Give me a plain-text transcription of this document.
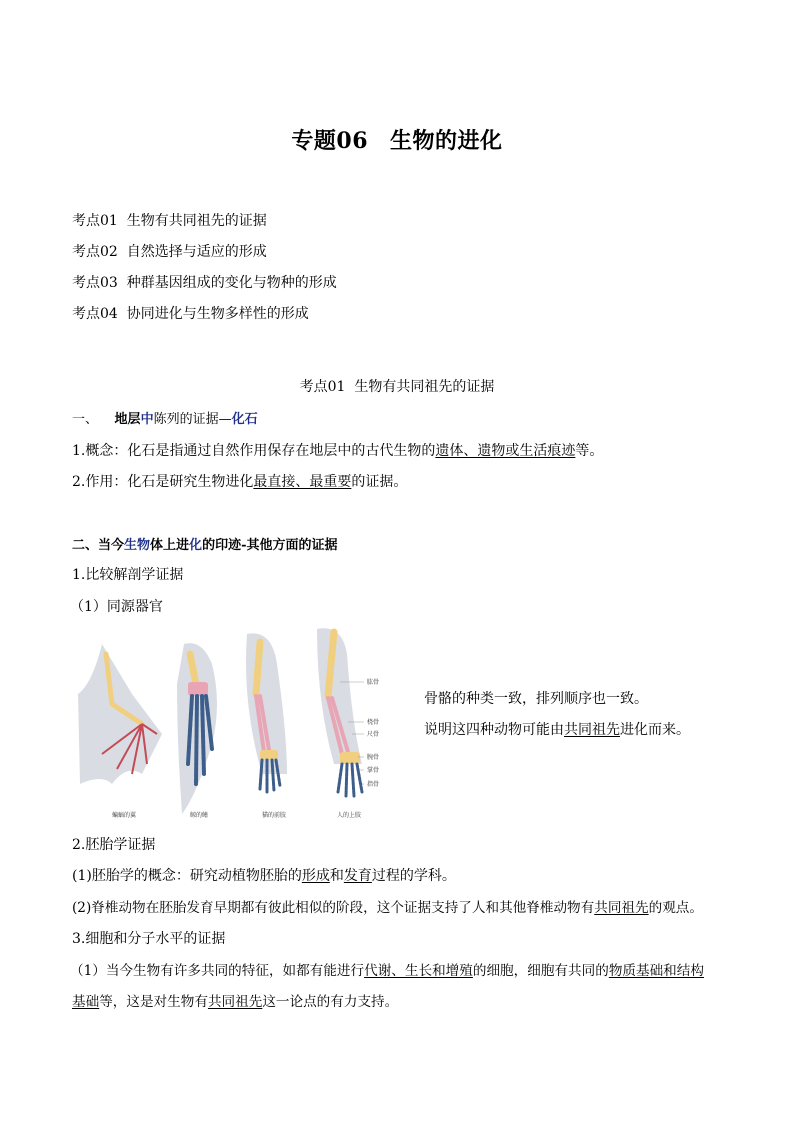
专题06 生物的进化
考点01 生物有共同祖先的证据
考点02 自然选择与适应的形成
考点03 种群基因组成的变化与物种的形成
考点04 协同进化与生物多样性的形成
考点01 生物有共同祖先的证据
一、 地层中陈列的证据—化石
1.概念：化石是指通过自然作用保存在地层中的古代生物的遗体、遗物或生活痕迹等。
2.作用：化石是研究生物进化最直接、最重要的证据。
二、当今生物体上进化的印迹-其他方面的证据
1.比较解剖学证据
（1）同源器官
肱骨
桡骨
尺骨
腕骨
掌骨
指骨
蝙蝠的翼	鲸的鳍	猫的前肢	人的上肢
骨骼的种类一致，排列顺序也一致。
说明这四种动物可能由共同祖先进化而来。
2.胚胎学证据
(1)胚胎学的概念：研究动植物胚胎的形成和发育过程的学科。
(2)脊椎动物在胚胎发育早期都有彼此相似的阶段，这个证据支持了人和其他脊椎动物有共同祖先的观点。
3.细胞和分子水平的证据
（1）当今生物有许多共同的特征，如都有能进行代谢、生长和增殖的细胞，细胞有共同的物质基础和结构
基础等，这是对生物有共同祖先这一论点的有力支持。
